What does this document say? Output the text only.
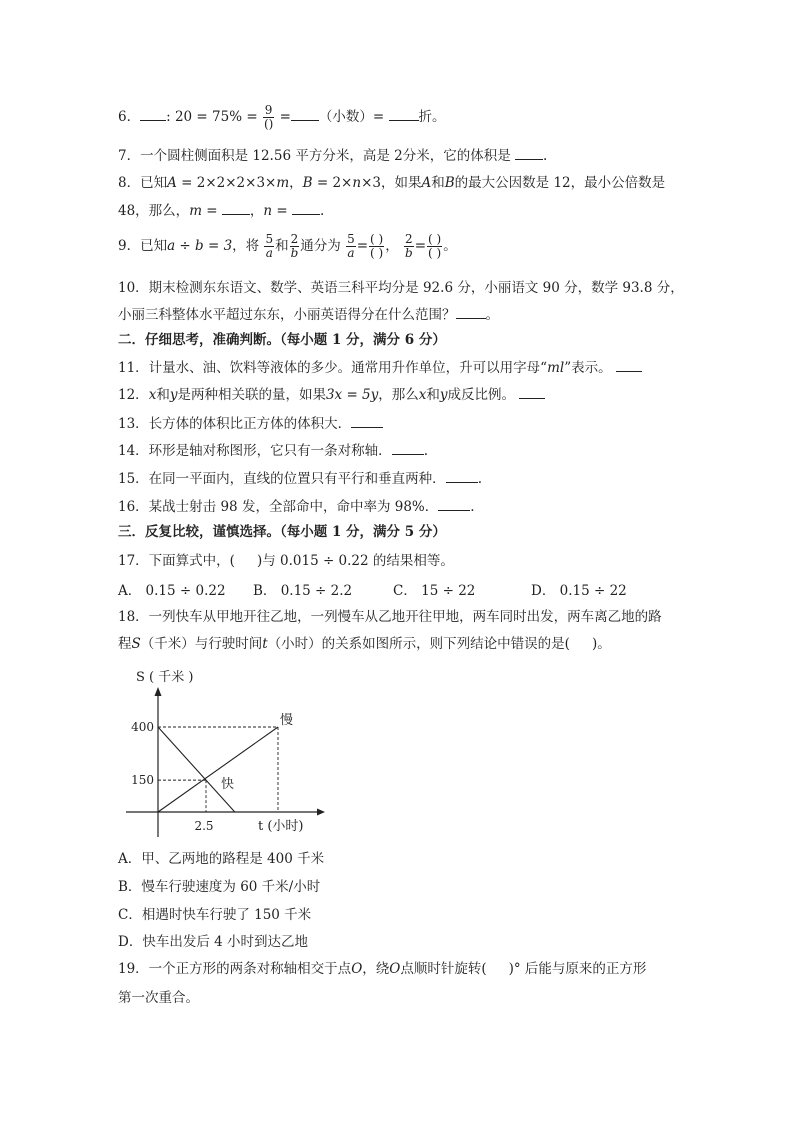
6． : $20 = 75\% = \frac{9}{()}$ = （小数）=	折。
7．一个圆柱侧面积是 12.56 平方分米，高是 2分米，它的体积是 .
8．已知A = 2×2×2×3×m，B = 2×n×3，如果A和B的最大公因数是 12，最小公倍数是
48，那么，m = ，n = .
9．已知a ÷ b = 3，将 $\frac{5}{a}$ 和 $\frac{2}{b}$ 通分为 $\frac{5}{a} = \frac{( )}{( )}$ ， $\frac{2}{b} = \frac{( )}{( )}$ 。
10．期末检测东东语文、数学、英语三科平均分是 92.6 分，小丽语文 90 分，数学 93.8 分，
小丽三科整体水平超过东东，小丽英语得分在什么范围？ 。
二．仔细思考，准确判断。（每小题 1 分，满分 6 分）
11．计量水、油、饮料等液体的多少。通常用升作单位，升可以用字母“ml”表示。
12．x和y是两种相关联的量，如果3x = 5y，那么x和y成反比例。
13．长方体的体积比正方体的体积大．
14．环形是轴对称图形，它只有一条对称轴． .
15．在同一平面内，直线的位置只有平行和垂直两种． .
16．某战士射击 98 发，全部命中，命中率为 98%． .
三．反复比较，谨慎选择。（每小题 1 分，满分 5 分）
17．下面算式中，( )与 0.015 ÷ 0.22 的结果相等。
A． 0.15 ÷ 0.22 B． 0.15 ÷ 2.2	C． 15 ÷ 22	D． 0.15 ÷ 22
18．一列快车从甲地开往乙地，一列慢车从乙地开往甲地，两车同时出发，两车离乙地的路
程S（千米）与行驶时间t（小时）的关系如图所示，则下列结论中错误的是( )。
400
150
2.5
S ( 千米 )
t (小时)
慢
快
A．甲、乙两地的路程是 400 千米
B．慢车行驶速度为 60 千米/小时
C．相遇时快车行驶了 150 千米
D．快车出发后 4 小时到达乙地
19．一个正方形的两条对称轴相交于点O，绕O点顺时针旋转( )° 后能与原来的正方形
第一次重合。
